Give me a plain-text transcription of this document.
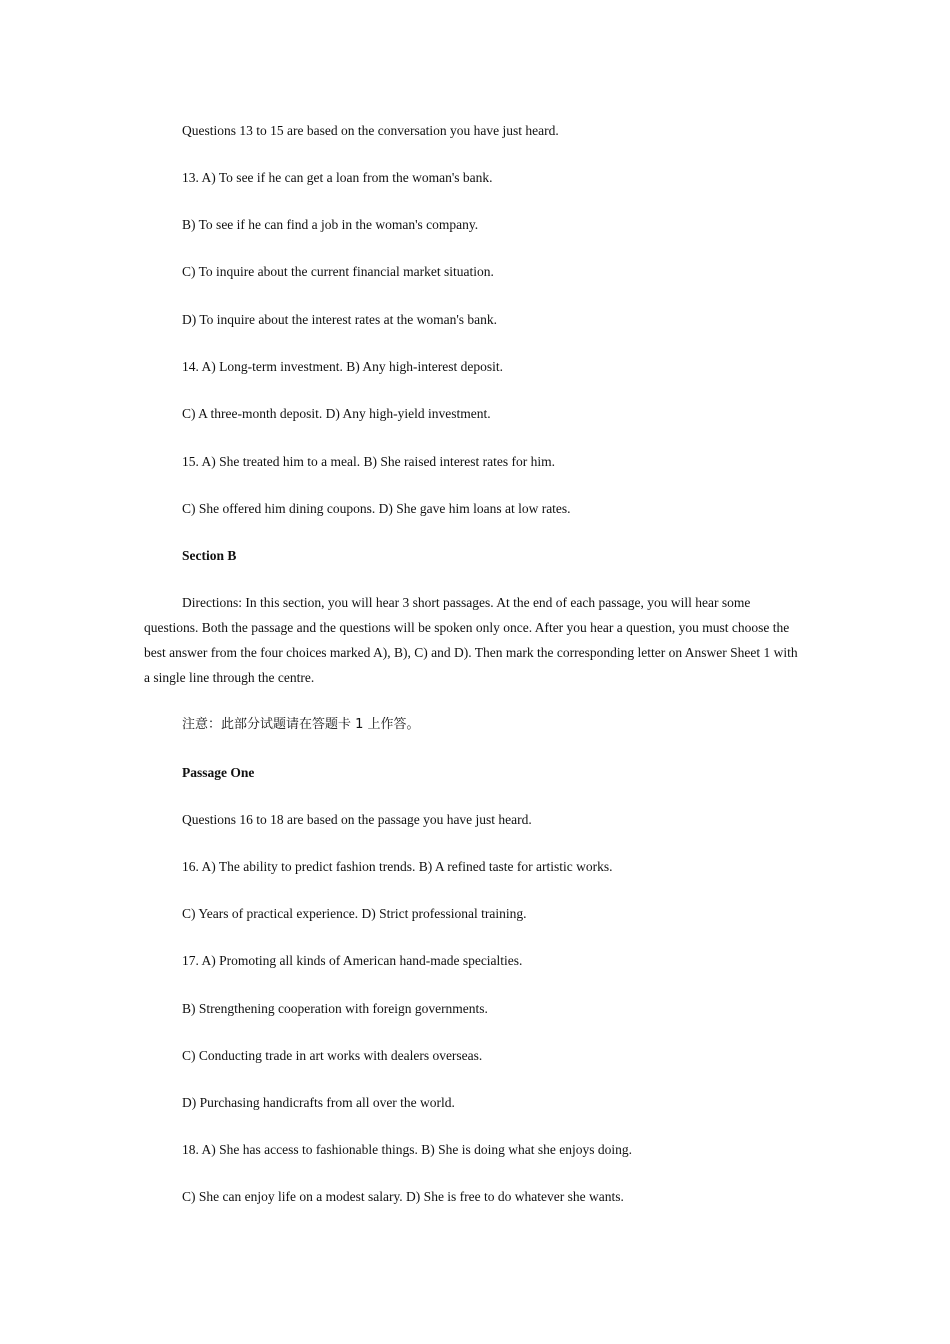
Questions 13 to 15 are based on the conversation you have just heard.
13. A) To see if he can get a loan from the woman's bank.
B) To see if he can find a job in the woman's company.
C) To inquire about the current financial market situation.
D) To inquire about the interest rates at the woman's bank.
14. A) Long-term investment. B) Any high-interest deposit.
C) A three-month deposit. D) Any high-yield investment.
15. A) She treated him to a meal. B) She raised interest rates for him.
C) She offered him dining coupons. D) She gave him loans at low rates.
Section B
Directions: In this section, you will hear 3 short passages. At the end of each passage, you will hear some questions. Both the passage and the questions will be spoken only once. After you hear a question, you must choose the best answer from the four choices marked A), B), C) and D). Then mark the corresponding letter on Answer Sheet 1 with a single line through the centre.
注意：此部分试题请在答题卡 1 上作答。
Passage One
Questions 16 to 18 are based on the passage you have just heard.
16. A) The ability to predict fashion trends. B) A refined taste for artistic works.
C) Years of practical experience. D) Strict professional training.
17. A) Promoting all kinds of American hand-made specialties.
B) Strengthening cooperation with foreign governments.
C) Conducting trade in art works with dealers overseas.
D) Purchasing handicrafts from all over the world.
18. A) She has access to fashionable things. B) She is doing what she enjoys doing.
C) She can enjoy life on a modest salary. D) She is free to do whatever she wants.
